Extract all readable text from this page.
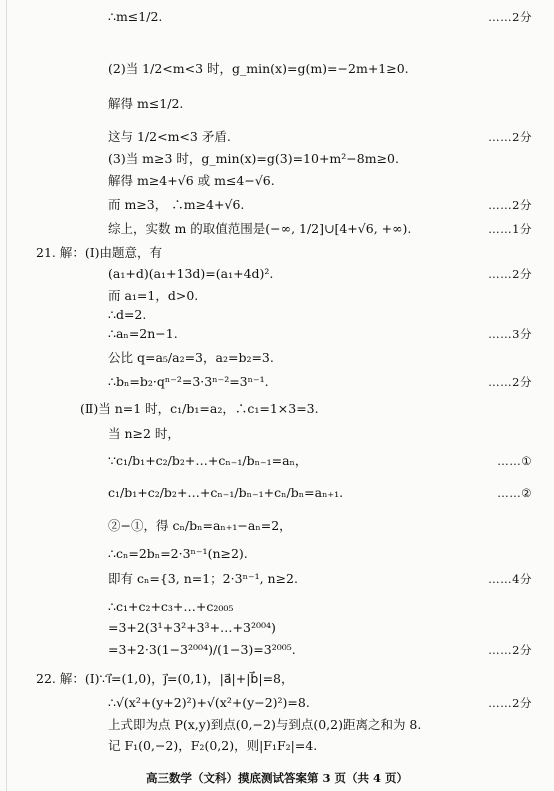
∴m≤1/2.	……2分
(2)当 1/2<m<3 时，g_min(x)=g(m)=−2m+1≥0.
解得 m≤1/2.
这与 1/2<m<3 矛盾.	……2分
(3)当 m≥3 时，g_min(x)=g(3)=10+m²−8m≥0.
解得 m≥4+√6 或 m≤4−√6.
而 m≥3， ∴m≥4+√6.	……2分
综上，实数 m 的取值范围是(−∞, 1/2]∪[4+√6, +∞).	……1分
21. 解：(Ⅰ)由题意，有
(a₁+d)(a₁+13d)=(a₁+4d)².	……2分
而 a₁=1，d>0.
∴d=2.
∴aₙ=2n−1.	……3分
公比 q=a₅/a₂=3，a₂=b₂=3.
∴bₙ=b₂·qⁿ⁻²=3·3ⁿ⁻²=3ⁿ⁻¹.	……2分
(Ⅱ)当 n=1 时，c₁/b₁=a₂，∴c₁=1×3=3.
当 n≥2 时，
∵c₁/b₁+c₂/b₂+…+cₙ₋₁/bₙ₋₁=aₙ，	……①
c₁/b₁+c₂/b₂+…+cₙ₋₁/bₙ₋₁+cₙ/bₙ=aₙ₊₁.	……②
②−①，得 cₙ/bₙ=aₙ₊₁−aₙ=2，
∴cₙ=2bₙ=2·3ⁿ⁻¹(n≥2).
即有 cₙ={3, n=1；2·3ⁿ⁻¹, n≥2.	……4分
∴c₁+c₂+c₃+…+c₂₀₀₅
=3+2(3¹+3²+3³+…+3²⁰⁰⁴)
=3+2·3(1−3²⁰⁰⁴)/(1−3)=3²⁰⁰⁵.	……2分
22. 解：(Ⅰ)∵i⃗=(1,0)，j⃗=(0,1)，|a⃗|+|b⃗|=8，
∴√(x²+(y+2)²)+√(x²+(y−2)²)=8.	……2分
上式即为点 P(x,y)到点(0,−2)与到点(0,2)距离之和为 8.
记 F₁(0,−2)，F₂(0,2)，则|F₁F₂|=4.
高三数学（文科）摸底测试答案第 3 页（共 4 页）
